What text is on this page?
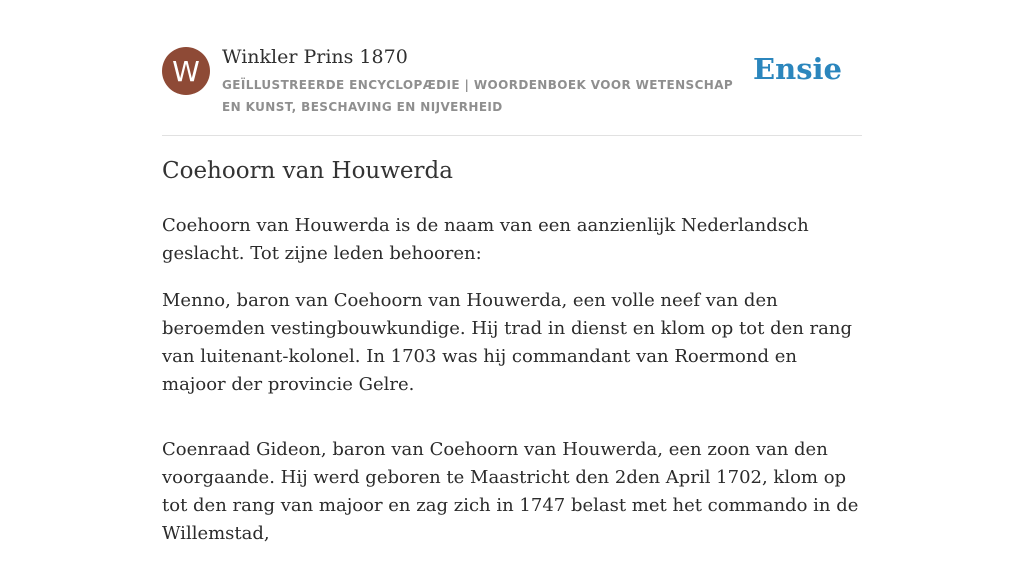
W	Winkler Prins 1870
GEÏLLUSTREERDE ENCYCLOPÆDIE | WOORDENBOEK VOOR WETENSCHAP EN KUNST, BESCHAVING EN NIJVERHEID
Ensie
Coehoorn van Houwerda

Coehoorn van Houwerda is de naam van een aanzienlijk Nederlandsch geslacht. Tot zijne leden behooren:

Menno, baron van Coehoorn van Houwerda, een volle neef van den beroemden vestingbouwkundige. Hij trad in dienst en klom op tot den rang van luitenant-kolonel. In 1703 was hij commandant van Roermond en majoor der provincie Gelre.

Coenraad Gideon, baron van Coehoorn van Houwerda, een zoon van den voorgaande. Hij werd geboren te Maastricht den 2den April 1702, klom op tot den rang van majoor en zag zich in 1747 belast met het commando in de Willemstad,
